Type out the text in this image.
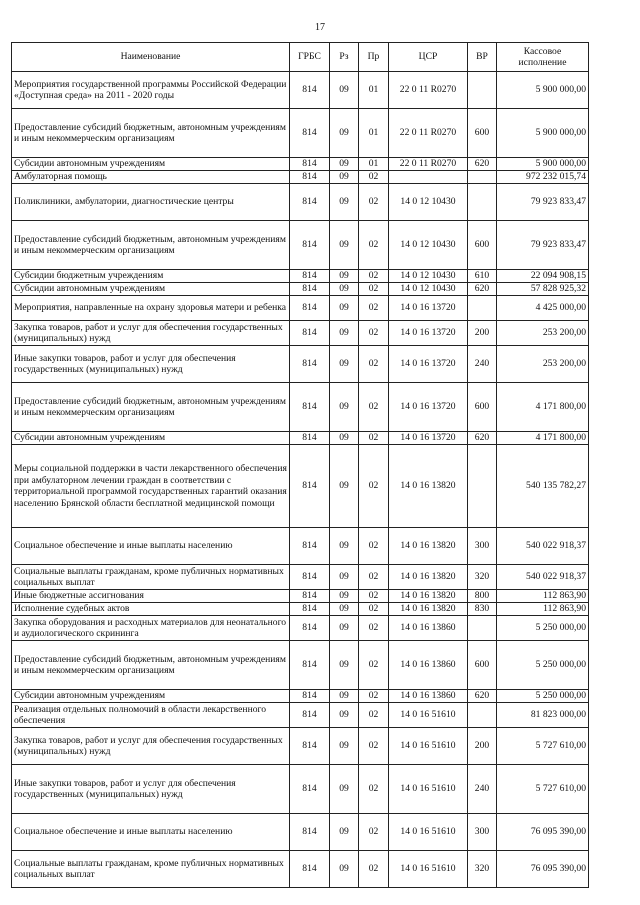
17
Наименование	ГРБС	Рз	Пр	ЦСР	ВР	Кассовое исполнение
Мероприятия государственной программы Российской Федерации «Доступная среда» на 2011 - 2020 годы	814	09	01	22 0 11 R0270		5 900 000,00
Предоставление субсидий бюджетным, автономным учреждениям и иным некоммерческим организациям	814	09	01	22 0 11 R0270	600	5 900 000,00
Субсидии автономным учреждениям	814	09	01	22 0 11 R0270	620	5 900 000,00
Амбулаторная помощь	814	09	02			972 232 015,74
Поликлиники, амбулатории, диагностические центры	814	09	02	14 0 12 10430		79 923 833,47
Предоставление субсидий бюджетным, автономным учреждениям и иным некоммерческим организациям	814	09	02	14 0 12 10430	600	79 923 833,47
Субсидии бюджетным учреждениям	814	09	02	14 0 12 10430	610	22 094 908,15
Субсидии автономным учреждениям	814	09	02	14 0 12 10430	620	57 828 925,32
Мероприятия, направленные на охрану здоровья матери и ребенка	814	09	02	14 0 16 13720		4 425 000,00
Закупка товаров, работ и услуг для обеспечения государственных (муниципальных) нужд	814	09	02	14 0 16 13720	200	253 200,00
Иные закупки товаров, работ и услуг для обеспечения государственных (муниципальных) нужд	814	09	02	14 0 16 13720	240	253 200,00
Предоставление субсидий бюджетным, автономным учреждениям и иным некоммерческим организациям	814	09	02	14 0 16 13720	600	4 171 800,00
Субсидии автономным учреждениям	814	09	02	14 0 16 13720	620	4 171 800,00
Меры социальной поддержки в части лекарственного обеспечения при амбулаторном лечении граждан в соответствии с территориальной программой государственных гарантий оказания населению Брянской области бесплатной медицинской помощи	814	09	02	14 0 16 13820		540 135 782,27
Социальное обеспечение и иные выплаты населению	814	09	02	14 0 16 13820	300	540 022 918,37
Социальные выплаты гражданам, кроме публичных нормативных социальных выплат	814	09	02	14 0 16 13820	320	540 022 918,37
Иные бюджетные ассигнования	814	09	02	14 0 16 13820	800	112 863,90
Исполнение судебных актов	814	09	02	14 0 16 13820	830	112 863,90
Закупка оборудования и расходных материалов для неонатального и аудиологического скрининга	814	09	02	14 0 16 13860		5 250 000,00
Предоставление субсидий бюджетным, автономным учреждениям и иным некоммерческим организациям	814	09	02	14 0 16 13860	600	5 250 000,00
Субсидии автономным учреждениям	814	09	02	14 0 16 13860	620	5 250 000,00
Реализация отдельных полномочий в области лекарственного обеспечения	814	09	02	14 0 16 51610		81 823 000,00
Закупка товаров, работ и услуг для обеспечения государственных (муниципальных) нужд	814	09	02	14 0 16 51610	200	5 727 610,00
Иные закупки товаров, работ и услуг для обеспечения государственных (муниципальных) нужд	814	09	02	14 0 16 51610	240	5 727 610,00
Социальное обеспечение и иные выплаты населению	814	09	02	14 0 16 51610	300	76 095 390,00
Социальные выплаты гражданам, кроме публичных нормативных социальных выплат	814	09	02	14 0 16 51610	320	76 095 390,00
